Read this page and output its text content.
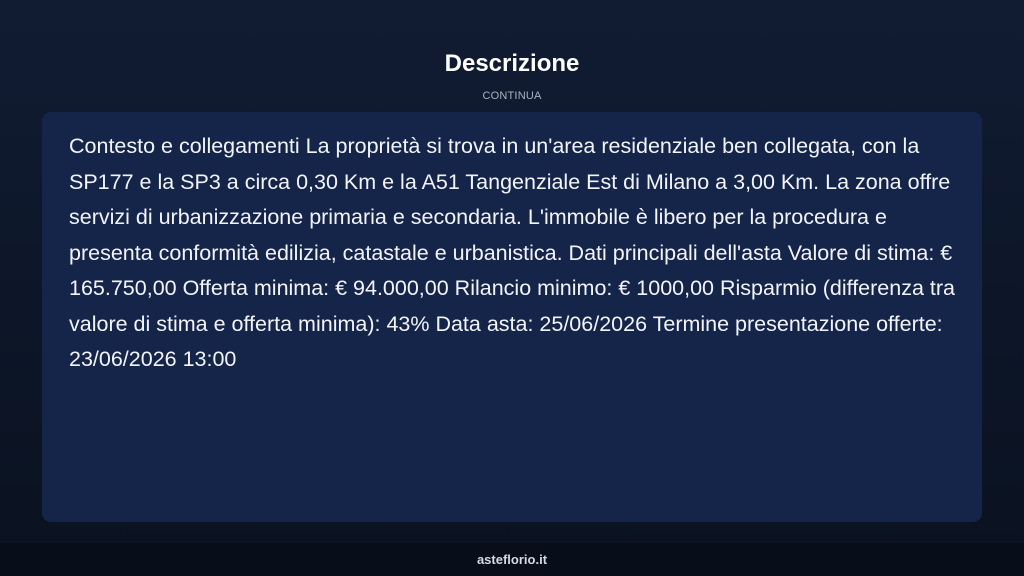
Descrizione
CONTINUA

Contesto e collegamenti La proprietà si trova in un'area residenziale ben collegata, con la SP177 e la SP3 a circa 0,30 Km e la A51 Tangenziale Est di Milano a 3,00 Km. La zona offre servizi di urbanizzazione primaria e secondaria. L'immobile è libero per la procedura e presenta conformità edilizia, catastale e urbanistica. Dati principali dell'asta Valore di stima: € 165.750,00 Offerta minima: € 94.000,00 Rilancio minimo: € 1000,00 Risparmio (differenza tra valore di stima e offerta minima): 43% Data asta: 25/06/2026 Termine presentazione offerte: 23/06/2026 13:00

asteflorio.it
